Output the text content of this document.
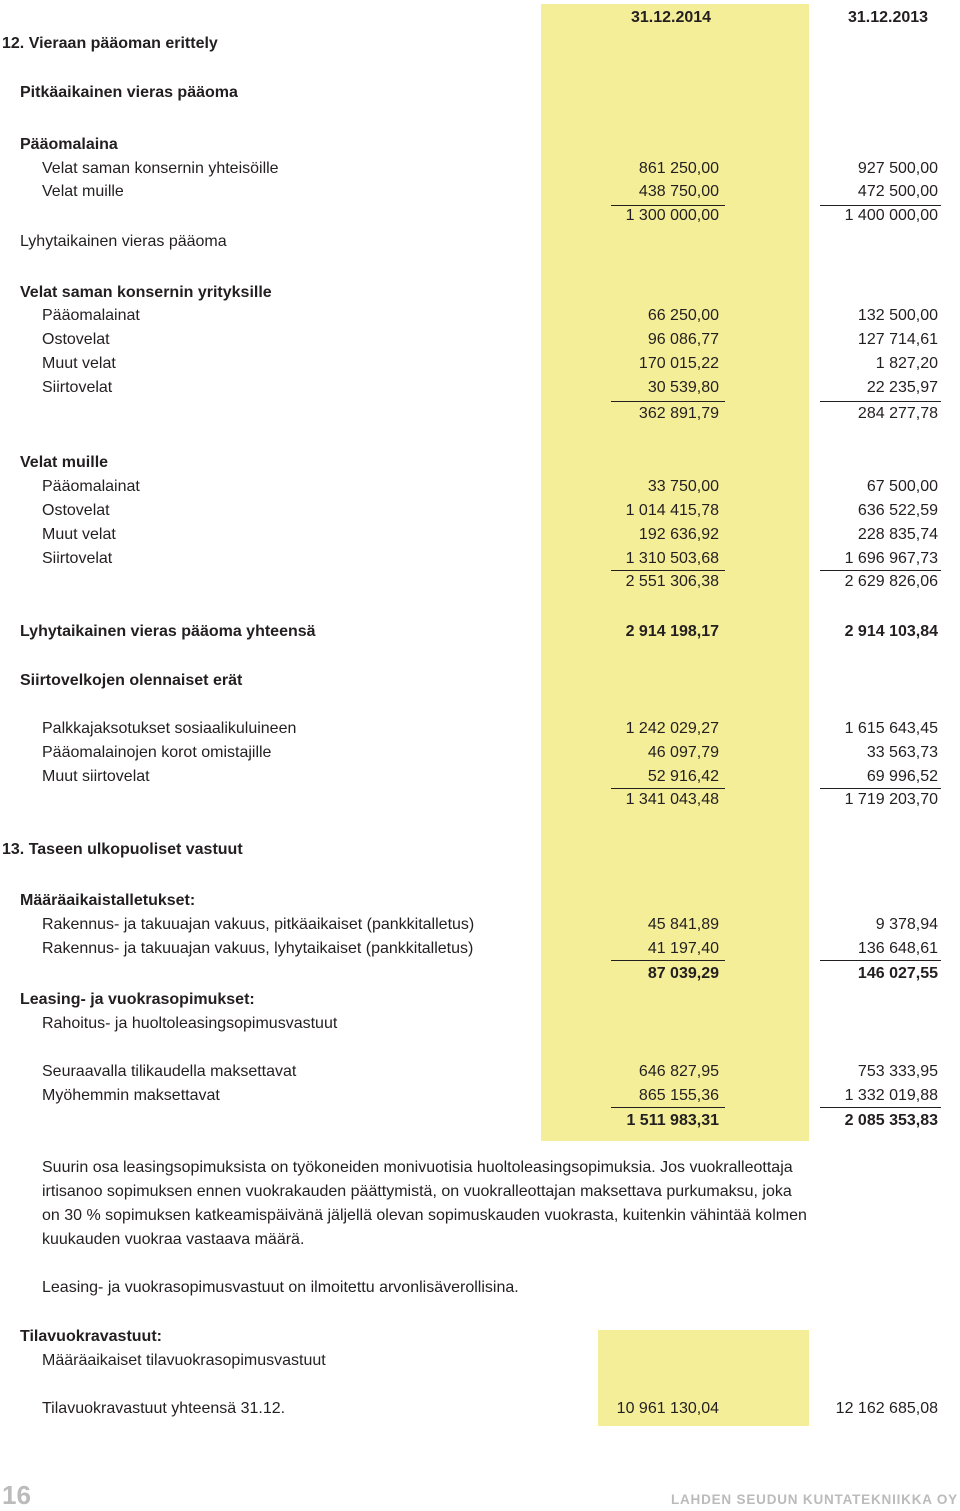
31.12.2014	31.12.2013
12. Vieraan pääoman erittely
Pitkäaikainen vieras pääoma
Pääomalaina
Velat saman konsernin yhteisöille	861 250,00	927 500,00
Velat muille	438 750,00	472 500,00
1 300 000,00	1 400 000,00
Lyhytaikainen vieras pääoma
Velat saman konsernin yrityksille
Pääomalainat	66 250,00	132 500,00
Ostovelat	96 086,77	127 714,61
Muut velat	170 015,22	1 827,20
Siirtovelat	30 539,80	22 235,97
362 891,79	284 277,78
Velat muille
Pääomalainat	33 750,00	67 500,00
Ostovelat	1 014 415,78	636 522,59
Muut velat	192 636,92	228 835,74
Siirtovelat	1 310 503,68	1 696 967,73
2 551 306,38	2 629 826,06
Lyhytaikainen vieras pääoma yhteensä	2 914 198,17	2 914 103,84
Siirtovelkojen olennaiset erät
Palkkajaksotukset sosiaalikuluineen	1 242 029,27	1 615 643,45
Pääomalainojen korot omistajille	46 097,79	33 563,73
Muut siirtovelat	52 916,42	69 996,52
1 341 043,48	1 719 203,70
13. Taseen ulkopuoliset vastuut
Määräaikaistalletukset:
Rakennus- ja takuuajan vakuus, pitkäaikaiset (pankkitalletus)	45 841,89	9 378,94
Rakennus- ja takuuajan vakuus, lyhytaikaiset (pankkitalletus)	41 197,40	136 648,61
87 039,29	146 027,55
Leasing- ja vuokrasopimukset:
Rahoitus- ja huoltoleasingsopimusvastuut
Seuraavalla tilikaudella maksettavat	646 827,95	753 333,95
Myöhemmin maksettavat	865 155,36	1 332 019,88
1 511 983,31	2 085 353,83
Suurin osa leasingsopimuksista on työkoneiden monivuotisia huoltoleasingsopimuksia. Jos vuokralleottaja
irtisanoo sopimuksen ennen vuokrakauden päättymistä, on vuokralleottajan maksettava purkumaksu, joka
on 30 % sopimuksen katkeamispäivänä jäljellä olevan sopimuskauden vuokrasta, kuitenkin vähintää kolmen
kuukauden vuokraa vastaava määrä.
Leasing- ja vuokrasopimusvastuut on ilmoitettu arvonlisäverollisina.
Tilavuokravastuut:
Määräaikaiset tilavuokrasopimusvastuut
Tilavuokravastuut yhteensä 31.12.	10 961 130,04	12 162 685,08
16	LAHDEN SEUDUN KUNTATEKNIIKKA OY
